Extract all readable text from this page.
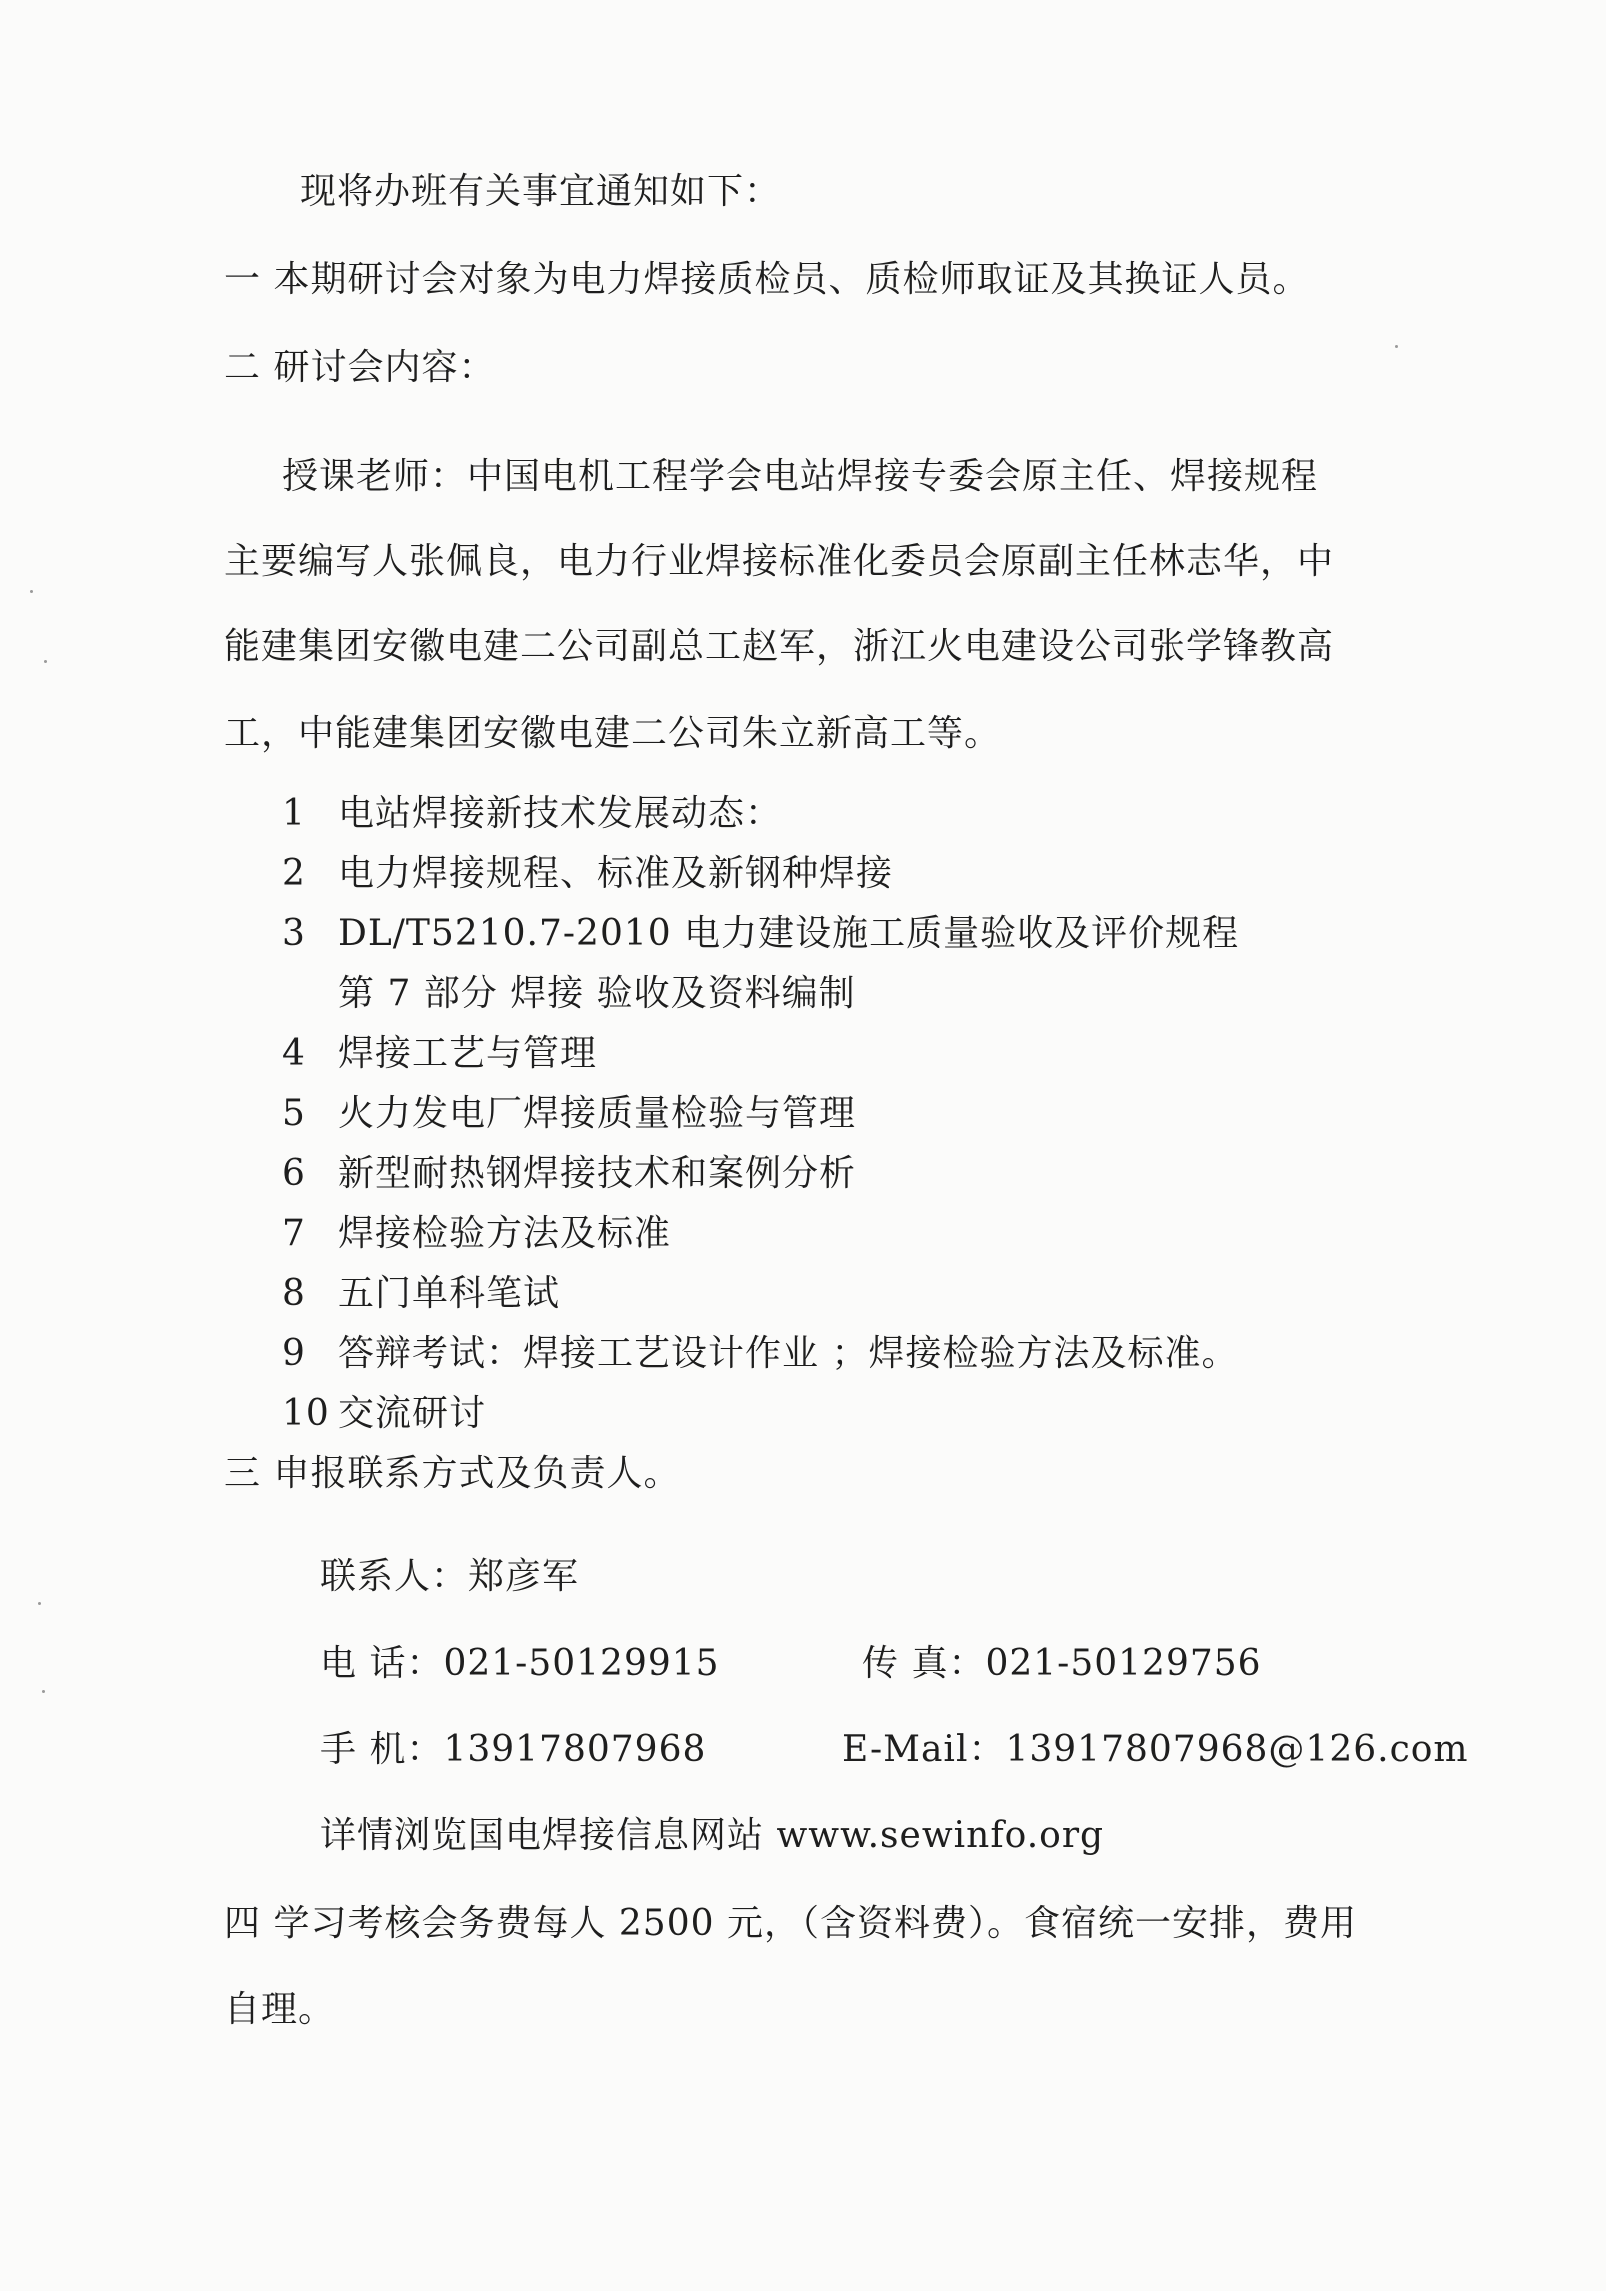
现将办班有关事宜通知如下：
一 本期研讨会对象为电力焊接质检员、质检师取证及其换证人员。
二 研讨会内容：
授课老师：中国电机工程学会电站焊接专委会原主任、焊接规程
主要编写人张佩良，电力行业焊接标准化委员会原副主任林志华，中
能建集团安徽电建二公司副总工赵军，浙江火电建设公司张学锋教高
工，中能建集团安徽电建二公司朱立新高工等。
1 电站焊接新技术发展动态：
2 电力焊接规程、标准及新钢种焊接
3 DL/T5210.7-2010 电力建设施工质量验收及评价规程
第 7 部分 焊接 验收及资料编制
4 焊接工艺与管理
5 火力发电厂焊接质量检验与管理
6 新型耐热钢焊接技术和案例分析
7 焊接检验方法及标准
8 五门单科笔试
9 答辩考试：焊接工艺设计作业 ；焊接检验方法及标准。
10 交流研讨
三 申报联系方式及负责人。
联系人：郑彦军
电 话：021-50129915	传 真：021-50129756
手 机：13917807968	E-Mail：13917807968@126.com
详情浏览国电焊接信息网站 www.sewinfo.org
四 学习考核会务费每人 2500 元，（含资料费）。食宿统一安排，费用
自理。
